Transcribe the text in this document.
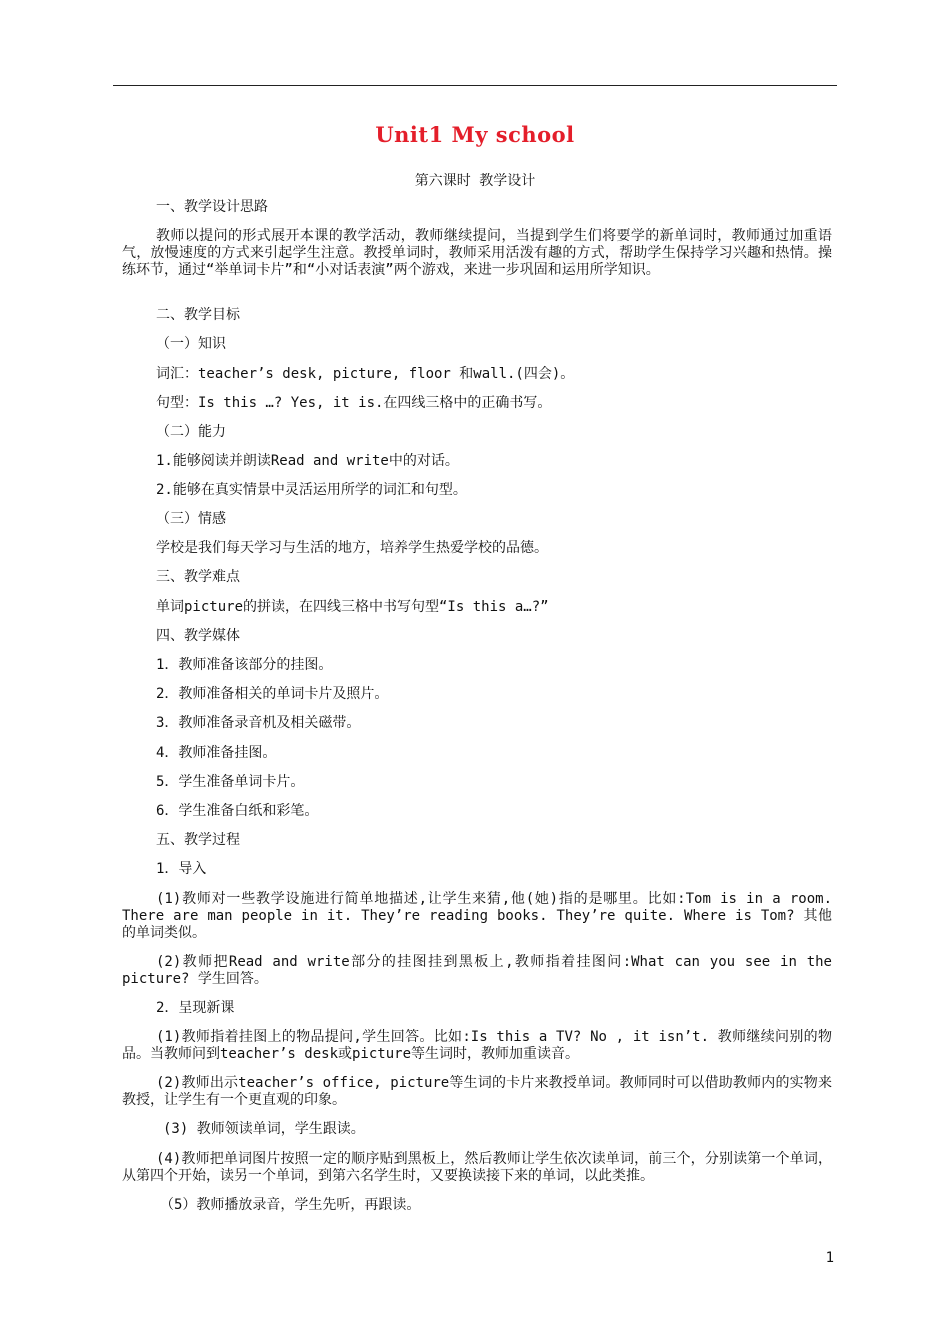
Unit1 My school
第六课时 教学设计
一、教学设计思路
教师以提问的形式展开本课的教学活动，教师继续提问，当提到学生们将要学的新单词时，教师通过加重语气，放慢速度的方式来引起学生注意。教授单词时，教师采用活泼有趣的方式，帮助学生保持学习兴趣和热情。操练环节，通过“举单词卡片”和“小对话表演”两个游戏，来进一步巩固和运用所学知识。
二、教学目标
（一）知识
词汇：teacher’s desk, picture, floor 和wall.(四会)。
句型：Is this …? Yes, it is.在四线三格中的正确书写。
（二）能力
1.能够阅读并朗读Read and write中的对话。
2.能够在真实情景中灵活运用所学的词汇和句型。
（三）情感
学校是我们每天学习与生活的地方，培养学生热爱学校的品德。
三、教学难点
单词picture的拼读，在四线三格中书写句型“Is this a…?”
四、教学媒体
1．教师准备该部分的挂图。
2．教师准备相关的单词卡片及照片。
3．教师准备录音机及相关磁带。
4．教师准备挂图。
5．学生准备单词卡片。
6．学生准备白纸和彩笔。
五、教学过程
1．导入
(1)教师对一些教学设施进行简单地描述,让学生来猜,他(她)指的是哪里。比如:Tom is in a room. There are man people in it. They’re reading books. They’re quite. Where is Tom? 其他的单词类似。
(2)教师把Read and write部分的挂图挂到黑板上,教师指着挂图问:What can you see in the picture? 学生回答。
2．呈现新课
(1)教师指着挂图上的物品提问,学生回答。比如:Is this a TV? No , it isn’t. 教师继续问别的物品。当教师问到teacher’s desk或picture等生词时，教师加重读音。
(2)教师出示teacher’s office, picture等生词的卡片来教授单词。教师同时可以借助教师内的实物来教授，让学生有一个更直观的印象。
(3) 教师领读单词，学生跟读。
(4)教师把单词图片按照一定的顺序贴到黑板上，然后教师让学生依次读单词，前三个，分别读第一个单词，从第四个开始，读另一个单词，到第六名学生时，又要换读接下来的单词，以此类推。
（5）教师播放录音，学生先听，再跟读。
1
